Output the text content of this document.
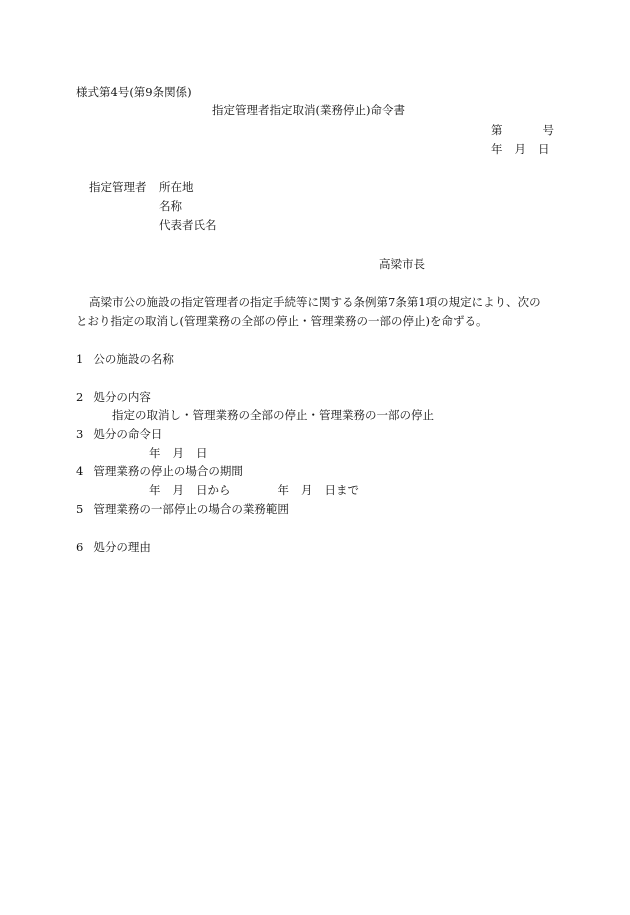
様式第4号(第9条関係)
指定管理者指定取消(業務停止)命令書
第	号
年 月 日
指定管理者 所在地
名称
代表者氏名
高梁市長
高梁市公の施設の指定管理者の指定手続等に関する条例第7条第1項の規定により、次の
とおり指定の取消し(管理業務の全部の停止・管理業務の一部の停止)を命ずる。
1 公の施設の名称
2 処分の内容
指定の取消し・管理業務の全部の停止・管理業務の一部の停止
3 処分の命令日
年 月 日
4 管理業務の停止の場合の期間
年 月 日から	年 月 日まで
5 管理業務の一部停止の場合の業務範囲
6 処分の理由
